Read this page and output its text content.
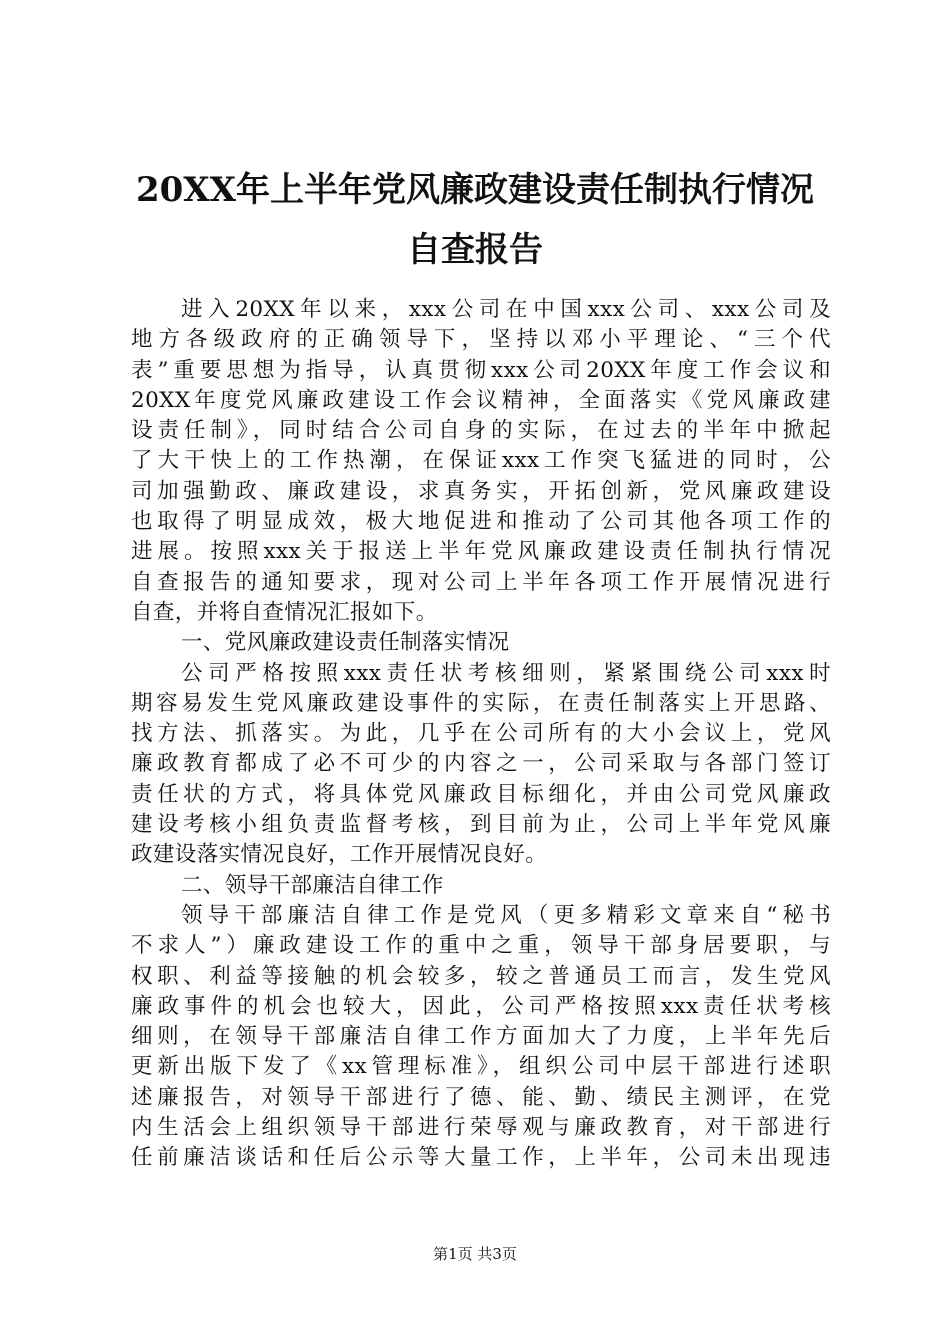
20XX年上半年党风廉政建设责任制执行情况
自查报告
进入20XX年以来，xxx公司在中国xxx公司、xxx公司及
地方各级政府的正确领导下，坚持以邓小平理论、“三个代
表”重要思想为指导，认真贯彻xxx公司20XX年度工作会议和
20XX年度党风廉政建设工作会议精神，全面落实《党风廉政建
设责任制》，同时结合公司自身的实际，在过去的半年中掀起
了大干快上的工作热潮，在保证xxx工作突飞猛进的同时，公
司加强勤政、廉政建设，求真务实，开拓创新，党风廉政建设
也取得了明显成效，极大地促进和推动了公司其他各项工作的
进展。按照xxx关于报送上半年党风廉政建设责任制执行情况
自查报告的通知要求，现对公司上半年各项工作开展情况进行
自查，并将自查情况汇报如下。
一、党风廉政建设责任制落实情况
公司严格按照xxx责任状考核细则，紧紧围绕公司xxx时
期容易发生党风廉政建设事件的实际，在责任制落实上开思路、
找方法、抓落实。为此，几乎在公司所有的大小会议上，党风
廉政教育都成了必不可少的内容之一，公司采取与各部门签订
责任状的方式，将具体党风廉政目标细化，并由公司党风廉政
建设考核小组负责监督考核，到目前为止，公司上半年党风廉
政建设落实情况良好，工作开展情况良好。
二、领导干部廉洁自律工作
领导干部廉洁自律工作是党风（更多精彩文章来自“秘书
不求人”）廉政建设工作的重中之重，领导干部身居要职，与
权职、利益等接触的机会较多，较之普通员工而言，发生党风
廉政事件的机会也较大，因此，公司严格按照xxx责任状考核
细则，在领导干部廉洁自律工作方面加大了力度，上半年先后
更新出版下发了《xx管理标准》，组织公司中层干部进行述职
述廉报告，对领导干部进行了德、能、勤、绩民主测评，在党
内生活会上组织领导干部进行荣辱观与廉政教育，对干部进行
任前廉洁谈话和任后公示等大量工作，上半年，公司未出现违
第1页 共3页
